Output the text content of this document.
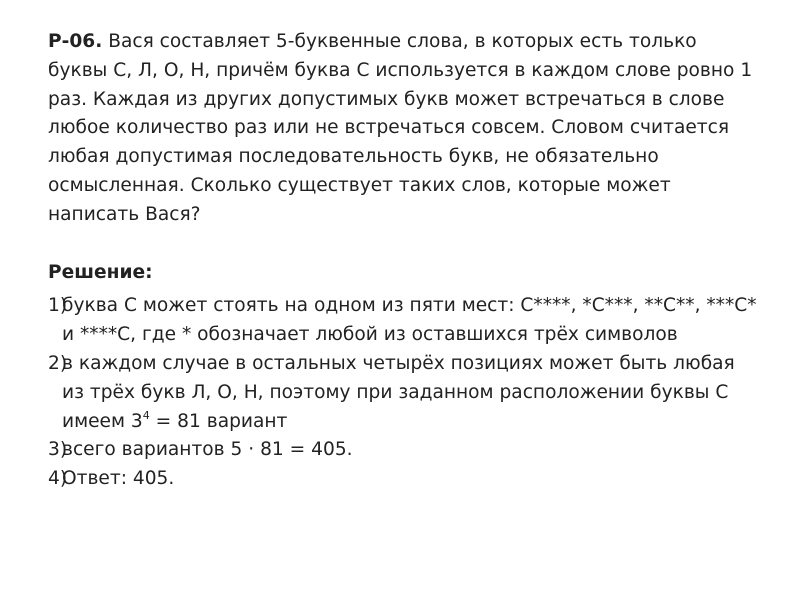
Р-06. Вася составляет 5-буквенные слова, в которых есть только буквы С, Л, О, Н, причём буква С используется в каждом слове ровно 1 раз. Каждая из других допустимых букв может встречаться в слове любое количество раз или не встречаться совсем. Словом считается любая допустимая последовательность букв, не обязательно осмысленная. Сколько существует таких слов, которые может написать Вася?

Решение:
1)
буква С может стоять на одном из пяти мест: С****, *С***, **С**, ***С* и ****С, где * обозначает любой из оставшихся трёх символов
2)
в каждом случае в остальных четырёх позициях может быть любая из трёх букв Л, О, Н, поэтому при заданном расположении буквы С имеем $3^4 = 81$ вариант
3)
всего вариантов 5 · 81 = 405.
4)
Ответ: 405.
